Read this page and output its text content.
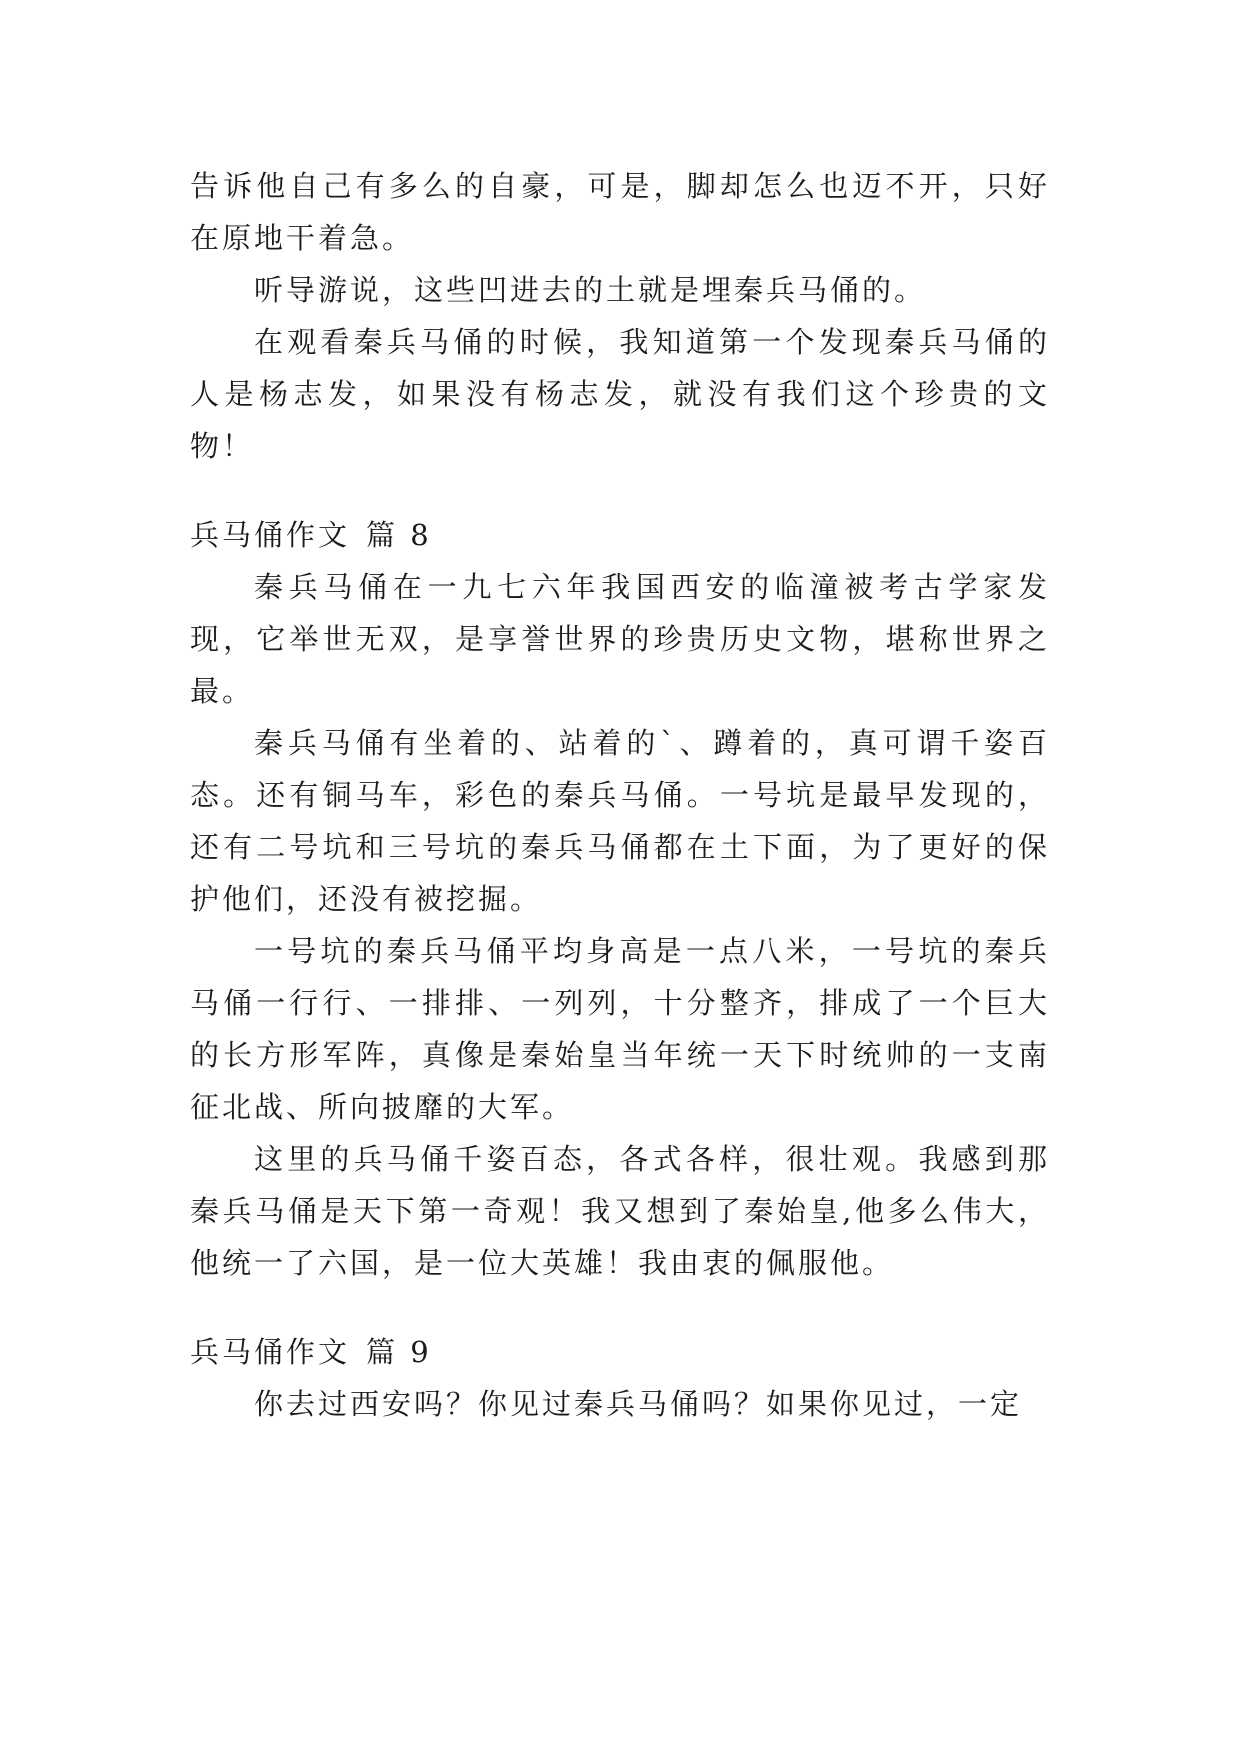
告诉他自己有多么的自豪，可是，脚却怎么也迈不开，只好在原地干着急。

听导游说，这些凹进去的土就是埋秦兵马俑的。

在观看秦兵马俑的时候，我知道第一个发现秦兵马俑的人是杨志发，如果没有杨志发，就没有我们这个珍贵的文物！

兵马俑作文 篇 8

秦兵马俑在一九七六年我国西安的临潼被考古学家发现，它举世无双，是享誉世界的珍贵历史文物，堪称世界之最。

秦兵马俑有坐着的、站着的`、蹲着的，真可谓千姿百态。还有铜马车，彩色的秦兵马俑。一号坑是最早发现的，还有二号坑和三号坑的秦兵马俑都在土下面，为了更好的保护他们，还没有被挖掘。

一号坑的秦兵马俑平均身高是一点八米，一号坑的秦兵马俑一行行、一排排、一列列，十分整齐，排成了一个巨大的长方形军阵，真像是秦始皇当年统一天下时统帅的一支南征北战、所向披靡的大军。

这里的兵马俑千姿百态，各式各样，很壮观。我感到那秦兵马俑是天下第一奇观！我又想到了秦始皇,他多么伟大，他统一了六国，是一位大英雄！我由衷的佩服他。

兵马俑作文 篇 9

你去过西安吗？你见过秦兵马俑吗？如果你见过，一定
